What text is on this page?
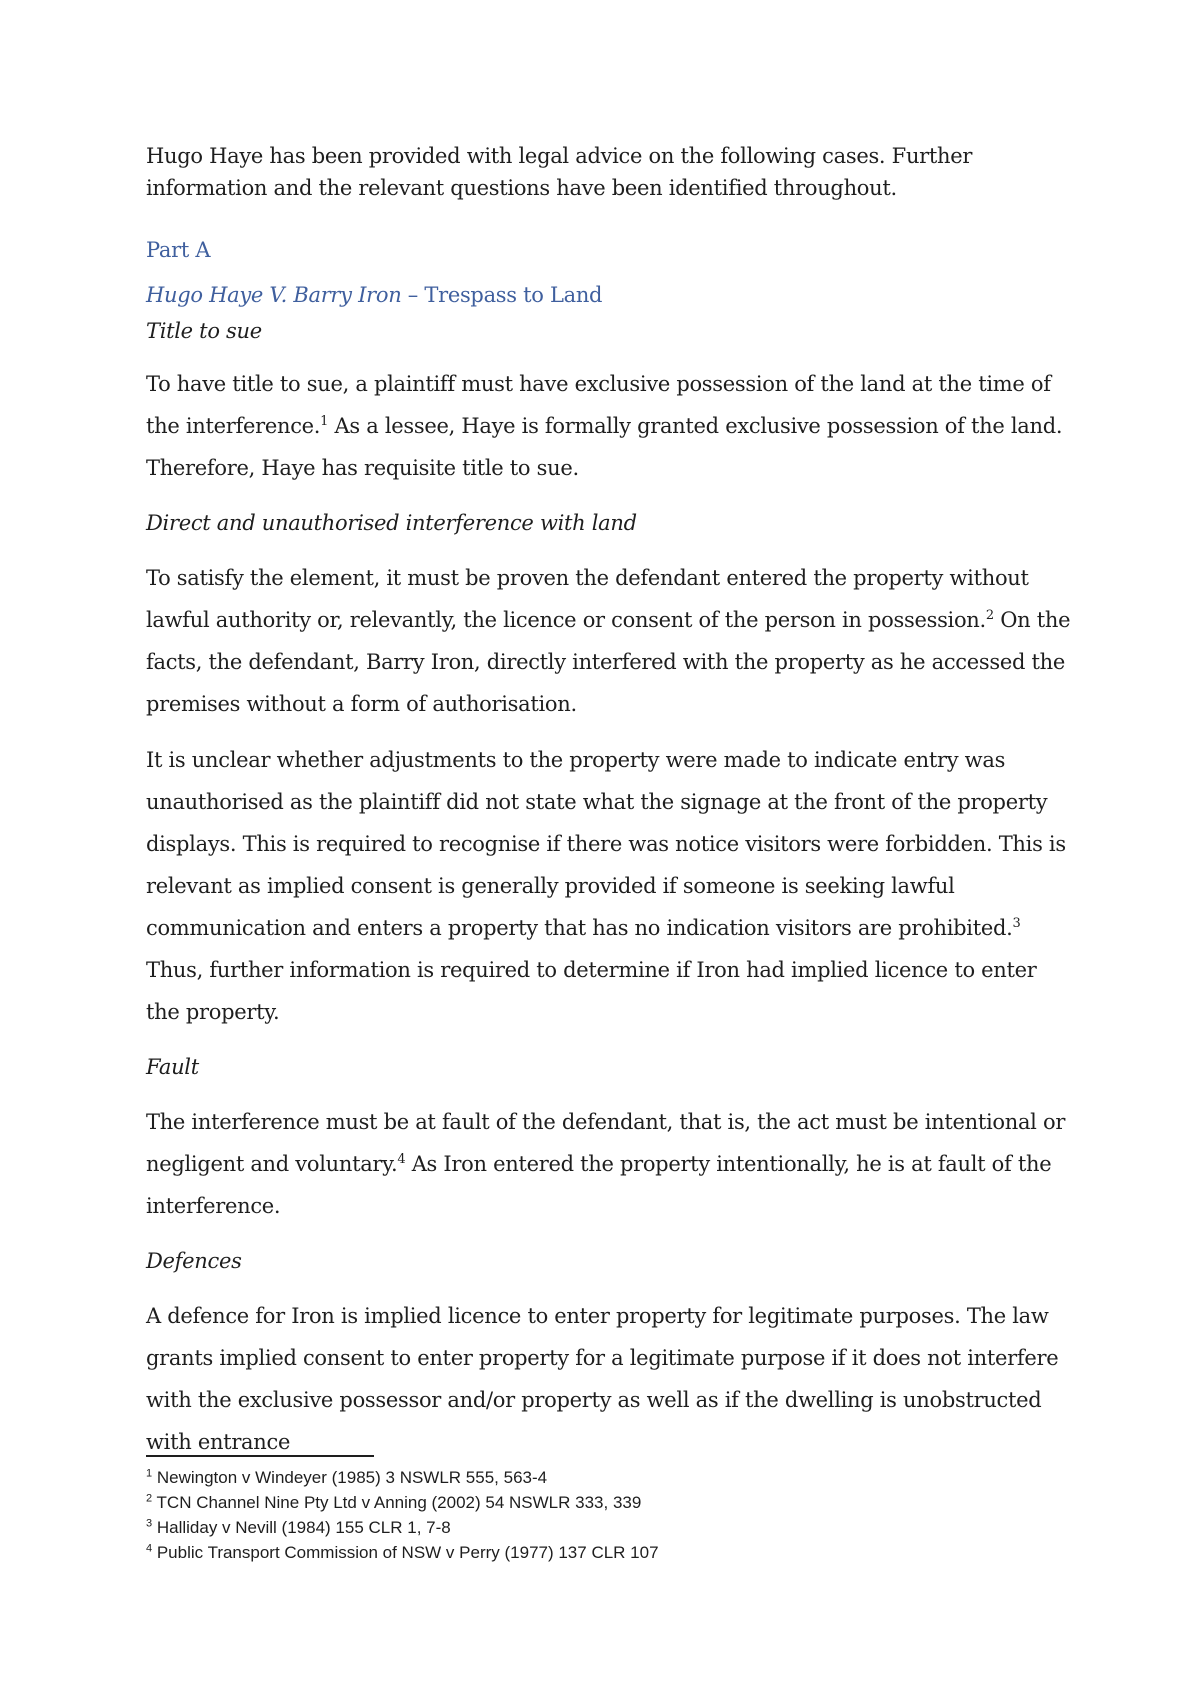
Hugo Haye has been provided with legal advice on the following cases. Further information and the relevant questions have been identified throughout.

Part A

Hugo Haye V. Barry Iron – Trespass to Land

Title to sue

To have title to sue, a plaintiff must have exclusive possession of the land at the time of the interference.$^1$ As a lessee, Haye is formally granted exclusive possession of the land. Therefore, Haye has requisite title to sue.

Direct and unauthorised interference with land

To satisfy the element, it must be proven the defendant entered the property without lawful authority or, relevantly, the licence or consent of the person in possession.$^2$ On the facts, the defendant, Barry Iron, directly interfered with the property as he accessed the premises without a form of authorisation.

It is unclear whether adjustments to the property were made to indicate entry was unauthorised as the plaintiff did not state what the signage at the front of the property displays. This is required to recognise if there was notice visitors were forbidden. This is relevant as implied consent is generally provided if someone is seeking lawful communication and enters a property that has no indication visitors are prohibited.$^3$ Thus, further information is required to determine if Iron had implied licence to enter the property.

Fault

The interference must be at fault of the defendant, that is, the act must be intentional or negligent and voluntary.$^4$ As Iron entered the property intentionally, he is at fault of the interference.

Defences

A defence for Iron is implied licence to enter property for legitimate purposes. The law grants implied consent to enter property for a legitimate purpose if it does not interfere with the exclusive possessor and/or property as well as if the dwelling is unobstructed with entrance

$^1$ Newington v Windeyer (1985) 3 NSWLR 555, 563-4

$^2$ TCN Channel Nine Pty Ltd v Anning (2002) 54 NSWLR 333, 339

$^3$ Halliday v Nevill (1984) 155 CLR 1, 7-8

$^4$ Public Transport Commission of NSW v Perry (1977) 137 CLR 107
